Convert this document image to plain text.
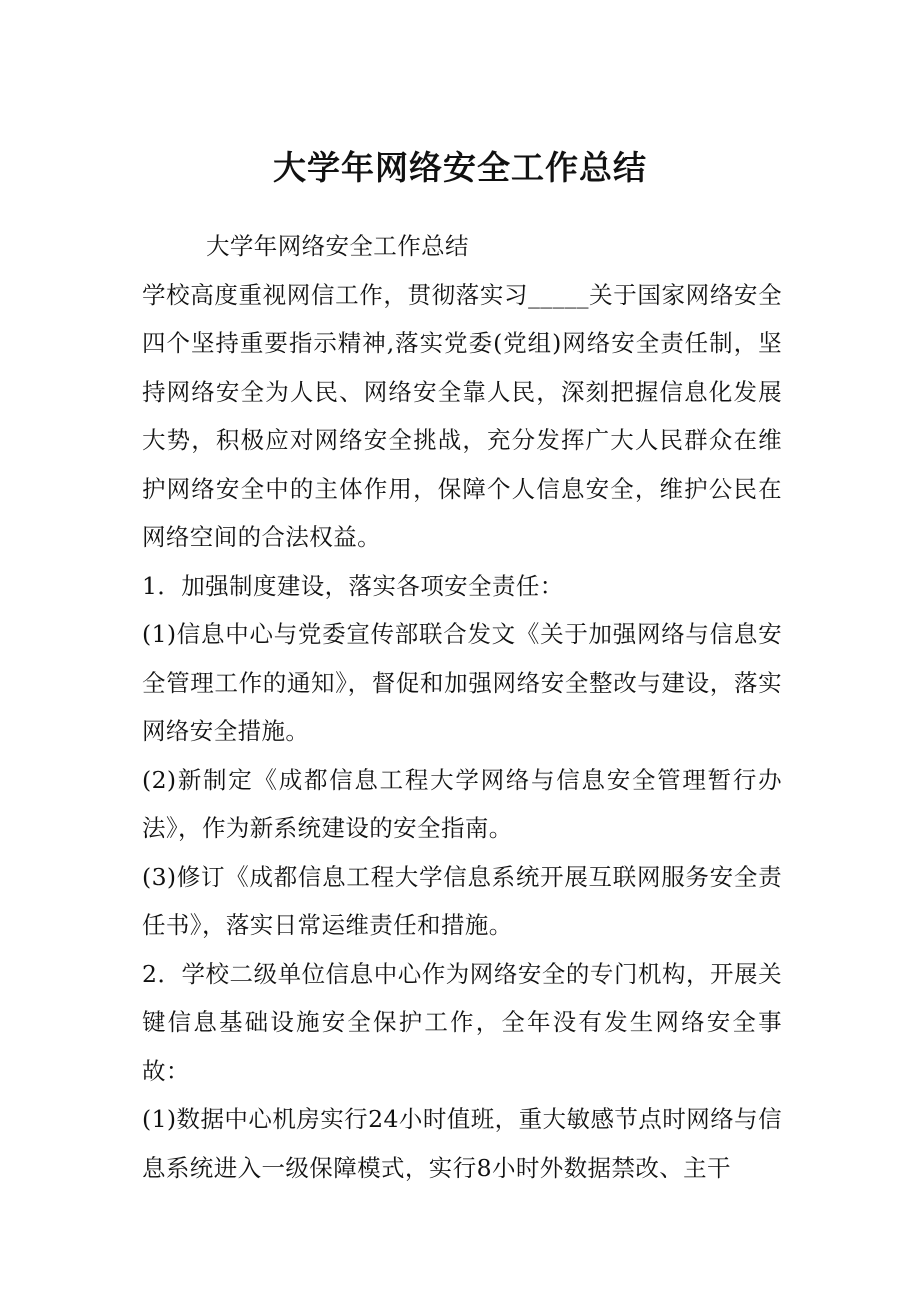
大学年网络安全工作总结

大学年网络安全工作总结

学校高度重视网信工作，贯彻落实习_____关于国家网络安全四个坚持重要指示精神,落实党委(党组)网络安全责任制，坚持网络安全为人民、网络安全靠人民，深刻把握信息化发展大势，积极应对网络安全挑战，充分发挥广大人民群众在维护网络安全中的主体作用，保障个人信息安全，维护公民在网络空间的合法权益。

1．加强制度建设，落实各项安全责任：

(1)信息中心与党委宣传部联合发文《关于加强网络与信息安全管理工作的通知》，督促和加强网络安全整改与建设，落实网络安全措施。

(2)新制定《成都信息工程大学网络与信息安全管理暂行办法》，作为新系统建设的安全指南。

(3)修订《成都信息工程大学信息系统开展互联网服务安全责任书》，落实日常运维责任和措施。

2．学校二级单位信息中心作为网络安全的专门机构，开展关键信息基础设施安全保护工作，全年没有发生网络安全事故：

(1)数据中心机房实行24小时值班，重大敏感节点时网络与信息系统进入一级保障模式，实行8小时外数据禁改、主干
